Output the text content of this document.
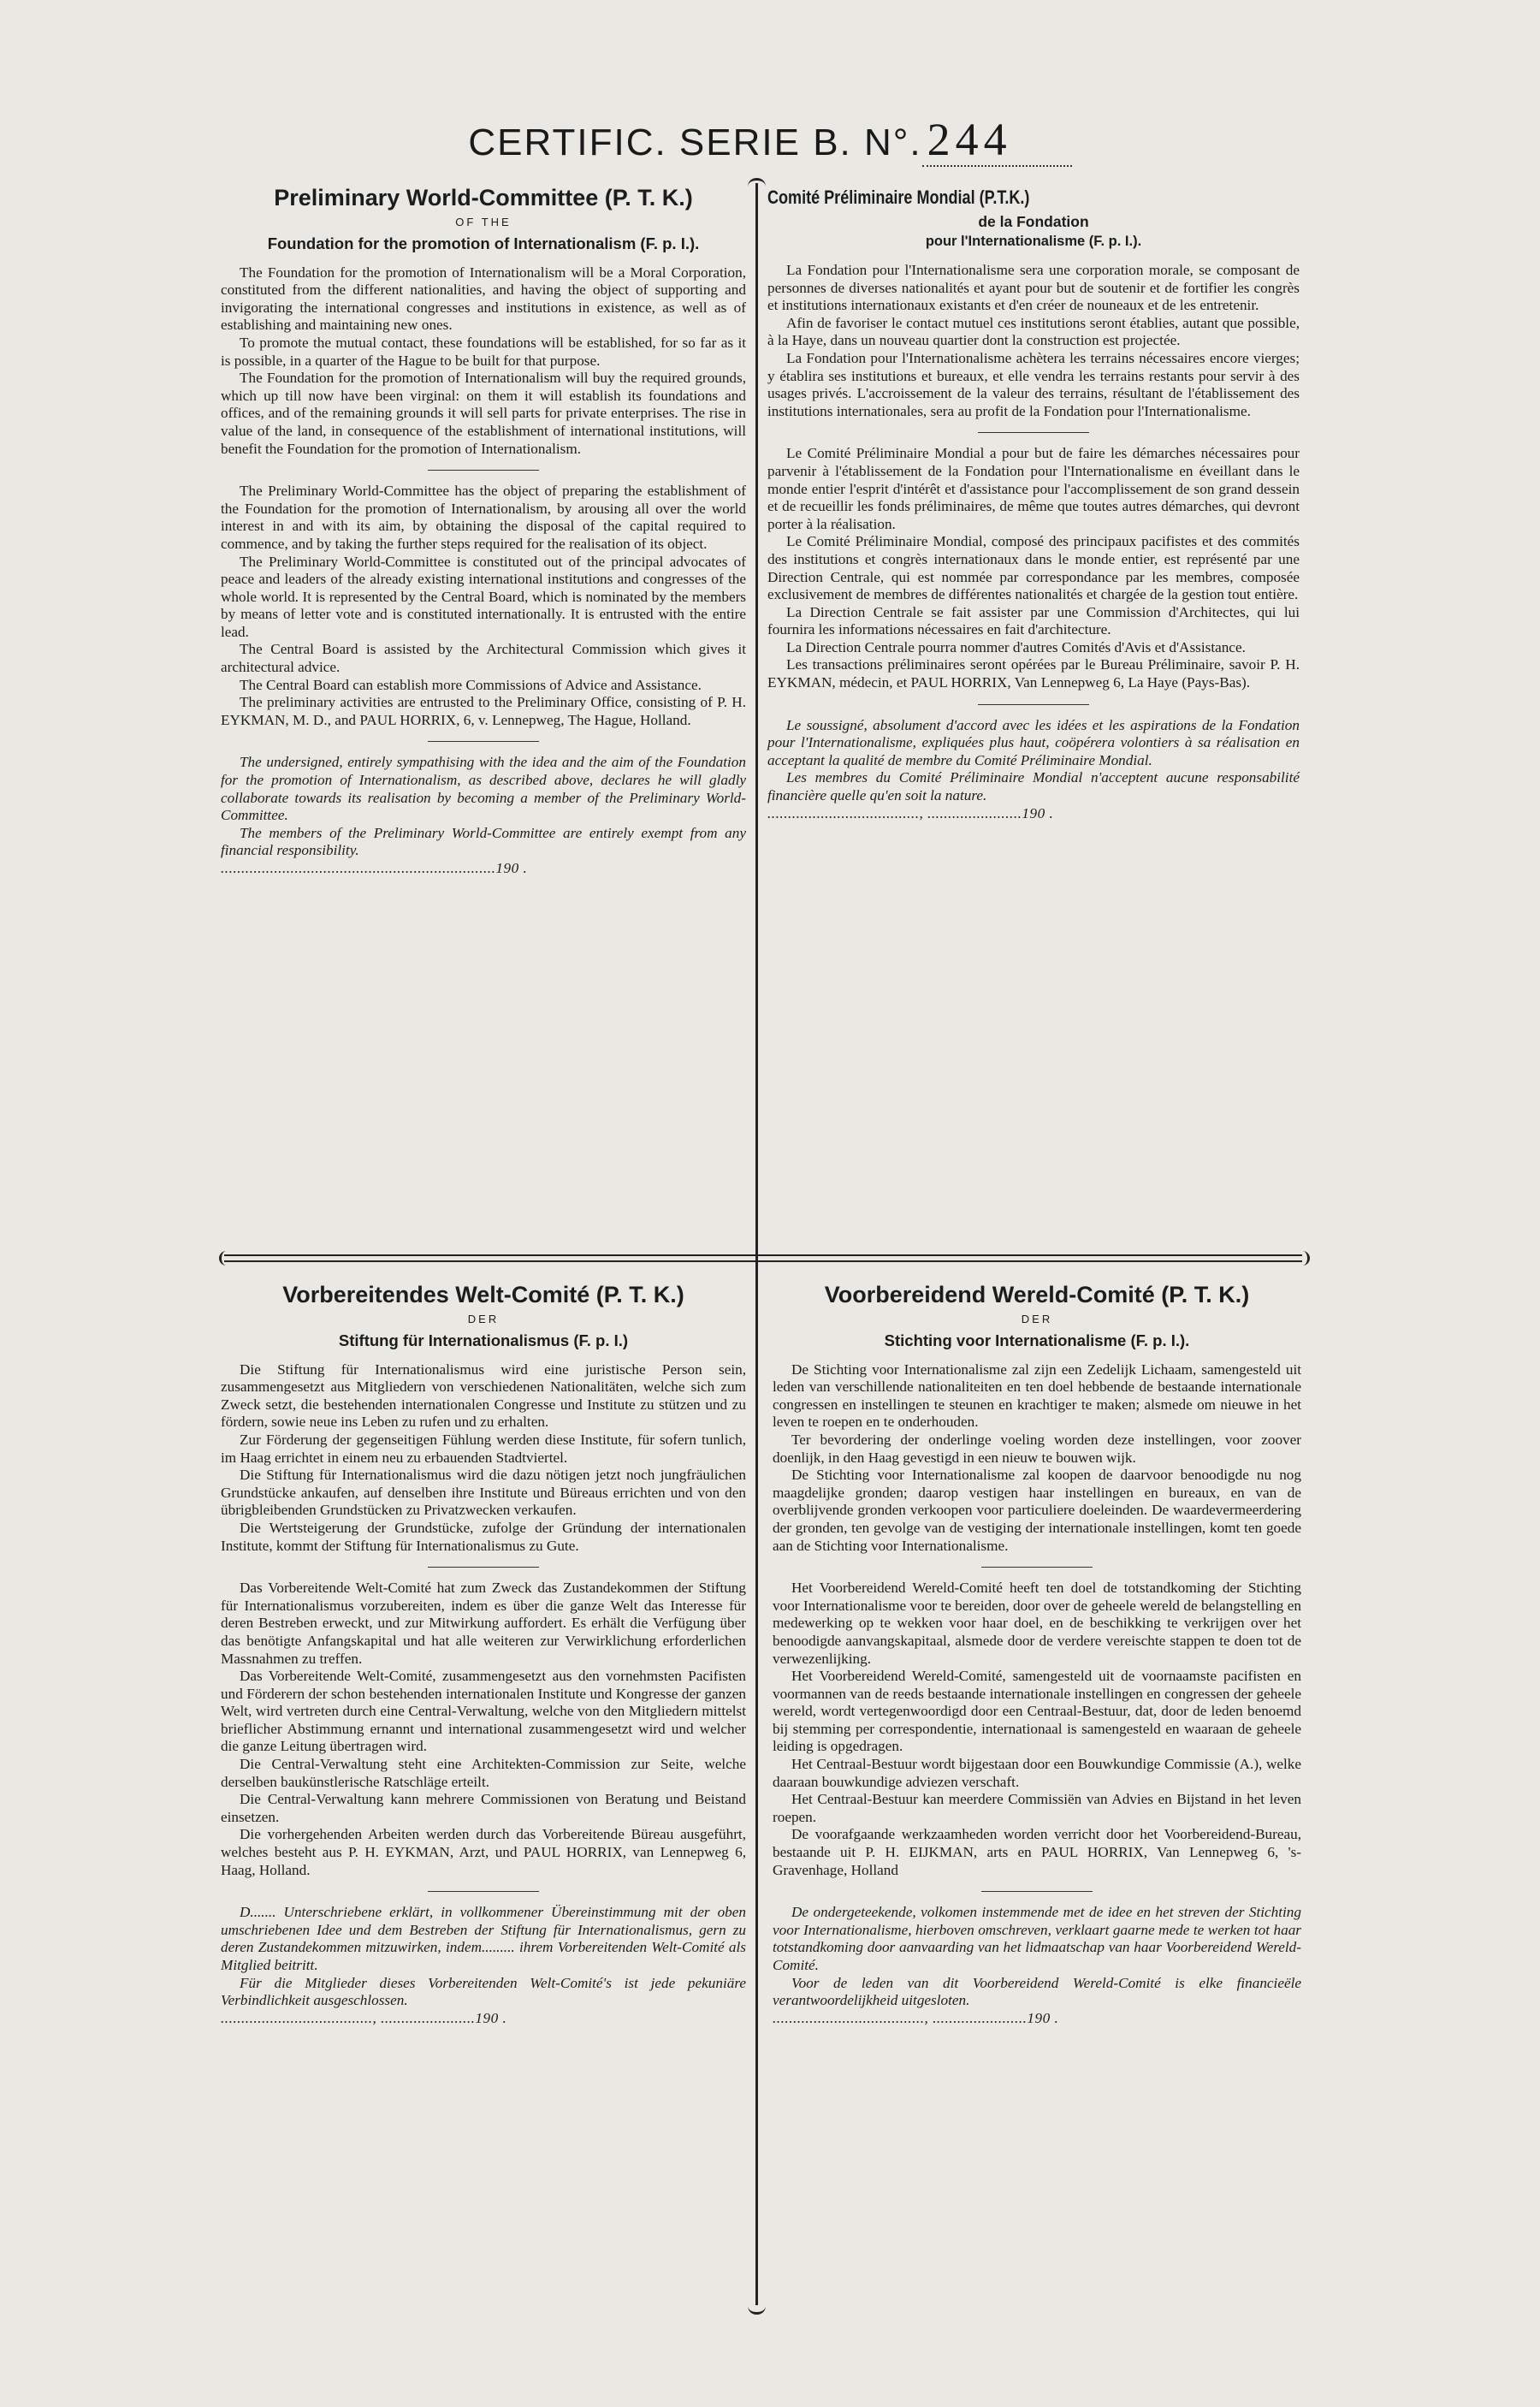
CERTIFIC. SERIE B. N°. 244
Preliminary World-Committee (P. T. K.)
OF THE
Foundation for the promotion of Internationalism (F. p. I.).

The Foundation for the promotion of Internationalism will be a Moral Corporation, constituted from the different nationalities, and having the object of supporting and invigorating the international congresses and institutions in existence, as well as of establishing and maintaining new ones.

To promote the mutual contact, these foundations will be established, for so far as it is possible, in a quarter of the Hague to be built for that purpose.

The Foundation for the promotion of Internationalism will buy the required grounds, which up till now have been virginal: on them it will establish its foundations and offices, and of the remaining grounds it will sell parts for private enterprises. The rise in value of the land, in consequence of the establishment of international institutions, will benefit the Foundation for the promotion of Internationalism.

The Preliminary World-Committee has the object of preparing the establishment of the Foundation for the promotion of Internationalism, by arousing all over the world interest in and with its aim, by obtaining the disposal of the capital required to commence, and by taking the further steps required for the realisation of its object.

The Preliminary World-Committee is constituted out of the principal advocates of peace and leaders of the already existing international institutions and congresses of the whole world. It is represented by the Central Board, which is nominated by the members by means of letter vote and is constituted internationally. It is entrusted with the entire lead.

The Central Board is assisted by the Architectural Commission which gives it architectural advice.

The Central Board can establish more Commissions of Advice and Assistance.

The preliminary activities are entrusted to the Preliminary Office, consisting of P. H. EYKMAN, M. D., and PAUL HORRIX, 6, v. Lennepweg, The Hague, Holland.

The undersigned, entirely sympathising with the idea and the aim of the Foundation for the promotion of Internationalism, as described above, declares he will gladly collaborate towards its realisation by becoming a member of the Preliminary World-Committee.

The members of the Preliminary World-Committee are entirely exempt from any financial responsibility.

...................................................................190 .

Comité Préliminaire Mondial (P.T.K.)
de la Fondation
pour l'Internationalisme (F. p. I.).

La Fondation pour l'Internationalisme sera une corporation morale, se composant de personnes de diverses nationalités et ayant pour but de soutenir et de fortifier les congrès et institutions internationaux existants et d'en créer de nouneaux et de les entretenir.

Afin de favoriser le contact mutuel ces institutions seront établies, autant que possible, à la Haye, dans un nouveau quartier dont la construction est projectée.

La Fondation pour l'Internationalisme achètera les terrains nécessaires encore vierges; y établira ses institutions et bureaux, et elle vendra les terrains restants pour servir à des usages privés. L'accroissement de la valeur des terrains, résultant de l'établissement des institutions internationales, sera au profit de la Fondation pour l'Internationalisme.

Le Comité Préliminaire Mondial a pour but de faire les démarches nécessaires pour parvenir à l'établissement de la Fondation pour l'Internationalisme en éveillant dans le monde entier l'esprit d'intérêt et d'assistance pour l'accomplissement de son grand dessein et de recueillir les fonds préliminaires, de même que toutes autres démarches, qui devront porter à la réalisation.

Le Comité Préliminaire Mondial, composé des principaux pacifistes et des commités des institutions et congrès internationaux dans le monde entier, est représenté par une Direction Centrale, qui est nommée par correspondance par les membres, composée exclusivement de membres de différentes nationalités et chargée de la gestion tout entière.

La Direction Centrale se fait assister par une Commission d'Architectes, qui lui fournira les informations nécessaires en fait d'architecture.

La Direction Centrale pourra nommer d'autres Comités d'Avis et d'Assistance.

Les transactions préliminaires seront opérées par le Bureau Préliminaire, savoir P. H. EYKMAN, médecin, et PAUL HORRIX, Van Lennepweg 6, La Haye (Pays-Bas).

Le soussigné, absolument d'accord avec les idées et les aspirations de la Fondation pour l'Internationalisme, expliquées plus haut, coöpérera volontiers à sa réalisation en acceptant la qualité de membre du Comité Préliminaire Mondial.

Les membres du Comité Préliminaire Mondial n'acceptent aucune responsabilité financière quelle qu'en soit la nature.

....................................., .......................190 .

Vorbereitendes Welt-Comité (P. T. K.)
DER
Stiftung für Internationalismus (F. p. I.)

Die Stiftung für Internationalismus wird eine juristische Person sein, zusammengesetzt aus Mitgliedern von verschiedenen Nationalitäten, welche sich zum Zweck setzt, die bestehenden internationalen Congresse und Institute zu stützen und zu fördern, sowie neue ins Leben zu rufen und zu erhalten.

Zur Förderung der gegenseitigen Fühlung werden diese Institute, für sofern tunlich, im Haag errichtet in einem neu zu erbauenden Stadtviertel.

Die Stiftung für Internationalismus wird die dazu nötigen jetzt noch jungfräulichen Grundstücke ankaufen, auf denselben ihre Institute und Büreaus errichten und von den übrigbleibenden Grundstücken zu Privatzwecken verkaufen.

Die Wertsteigerung der Grundstücke, zufolge der Gründung der internationalen Institute, kommt der Stiftung für Internationalismus zu Gute.

Das Vorbereitende Welt-Comité hat zum Zweck das Zustandekommen der Stiftung für Internationalismus vorzubereiten, indem es über die ganze Welt das Interesse für deren Bestreben erweckt, und zur Mitwirkung auffordert. Es erhält die Verfügung über das benötigte Anfangskapital und hat alle weiteren zur Verwirklichung erforderlichen Massnahmen zu treffen.

Das Vorbereitende Welt-Comité, zusammengesetzt aus den vornehmsten Pacifisten und Förderern der schon bestehenden internationalen Institute und Kongresse der ganzen Welt, wird vertreten durch eine Central-Verwaltung, welche von den Mitgliedern mittelst brieflicher Abstimmung ernannt und international zusammengesetzt wird und welcher die ganze Leitung übertragen wird.

Die Central-Verwaltung steht eine Architekten-Commission zur Seite, welche derselben baukünstlerische Ratschläge erteilt.

Die Central-Verwaltung kann mehrere Commissionen von Beratung und Beistand einsetzen.

Die vorhergehenden Arbeiten werden durch das Vorbereitende Büreau ausgeführt, welches besteht aus P. H. EYKMAN, Arzt, und PAUL HORRIX, van Lennepweg 6, Haag, Holland.

D....... Unterschriebene erklärt, in vollkommener Übereinstimmung mit der oben umschriebenen Idee und dem Bestreben der Stiftung für Internationalismus, gern zu deren Zustandekommen mitzuwirken, indem......... ihrem Vorbereitenden Welt-Comité als Mitglied beitritt.

Für die Mitglieder dieses Vorbereitenden Welt-Comité's ist jede pekuniäre Verbindlichkeit ausgeschlossen.

....................................., .......................190 .

Voorbereidend Wereld-Comité (P. T. K.)
DER
Stichting voor Internationalisme (F. p. I.).

De Stichting voor Internationalisme zal zijn een Zedelijk Lichaam, samengesteld uit leden van verschillende nationaliteiten en ten doel hebbende de bestaande internationale congressen en instellingen te steunen en krachtiger te maken; alsmede om nieuwe in het leven te roepen en te onderhouden.

Ter bevordering der onderlinge voeling worden deze instellingen, voor zoover doenlijk, in den Haag gevestigd in een nieuw te bouwen wijk.

De Stichting voor Internationalisme zal koopen de daarvoor benoodigde nu nog maagdelijke gronden; daarop vestigen haar instellingen en bureaux, en van de overblijvende gronden verkoopen voor particuliere doeleinden. De waardevermeerdering der gronden, ten gevolge van de vestiging der internationale instellingen, komt ten goede aan de Stichting voor Internationalisme.

Het Voorbereidend Wereld-Comité heeft ten doel de totstandkoming der Stichting voor Internationalisme voor te bereiden, door over de geheele wereld de belangstelling en medewerking op te wekken voor haar doel, en de beschikking te verkrijgen over het benoodigde aanvangskapitaal, alsmede door de verdere vereischte stappen te doen tot de verwezenlijking.

Het Voorbereidend Wereld-Comité, samengesteld uit de voornaamste pacifisten en voormannen van de reeds bestaande internationale instellingen en congressen der geheele wereld, wordt vertegenwoordigd door een Centraal-Bestuur, dat, door de leden benoemd bij stemming per correspondentie, internationaal is samengesteld en waaraan de geheele leiding is opgedragen.

Het Centraal-Bestuur wordt bijgestaan door een Bouwkundige Commissie (A.), welke daaraan bouwkundige adviezen verschaft.

Het Centraal-Bestuur kan meerdere Commissiën van Advies en Bijstand in het leven roepen.

De voorafgaande werkzaamheden worden verricht door het Voorbereidend-Bureau, bestaande uit P. H. EIJKMAN, arts en PAUL HORRIX, Van Lennepweg 6, 's-Gravenhage, Holland

De ondergeteekende, volkomen instemmende met de idee en het streven der Stichting voor Internationalisme, hierboven omschreven, verklaart gaarne mede te werken tot haar totstandkoming door aanvaarding van het lidmaatschap van haar Voorbereidend Wereld-Comité.

Voor de leden van dit Voorbereidend Wereld-Comité is elke financieële verantwoordelijkheid uitgesloten.

....................................., .......................190 .
